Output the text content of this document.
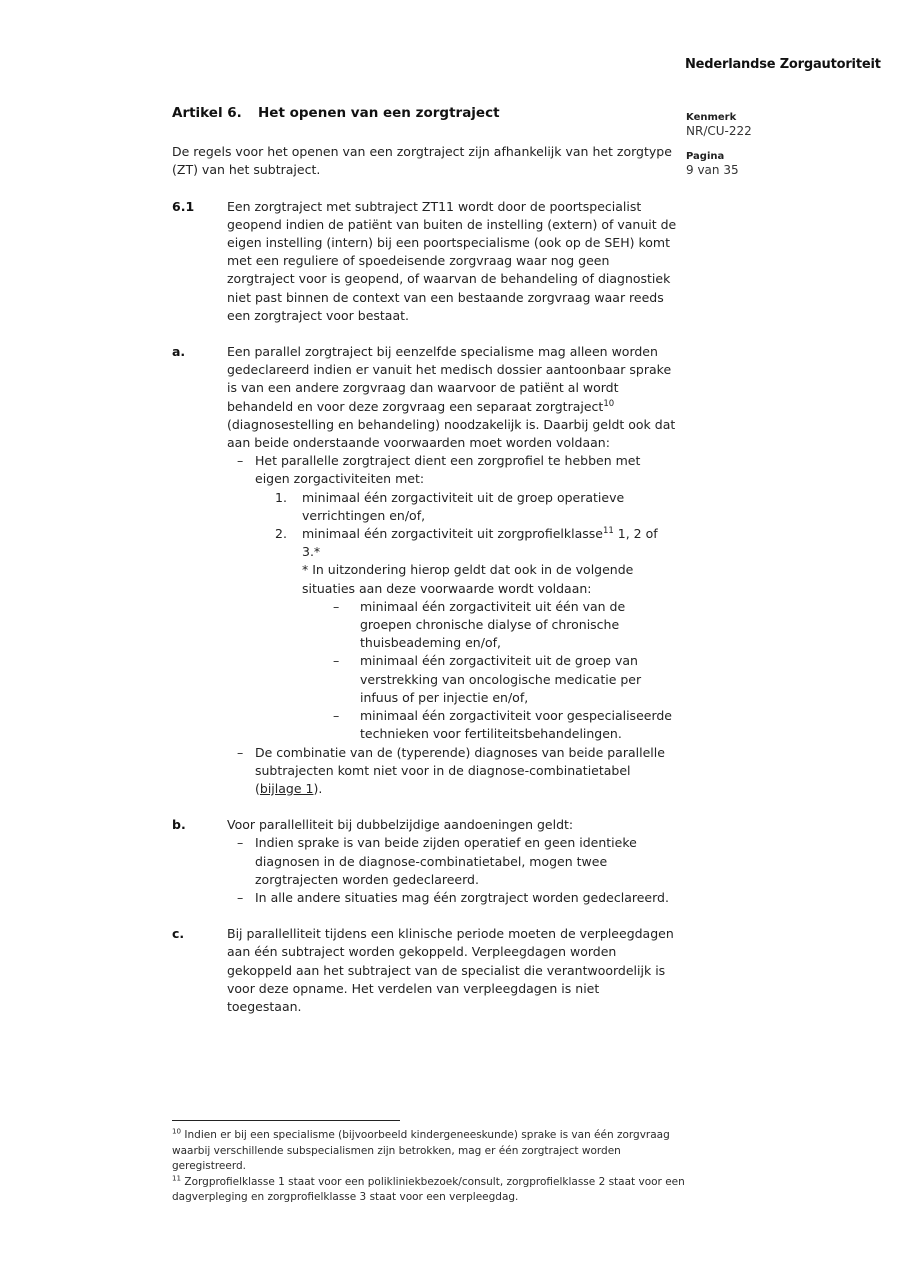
Nederlandse Zorgautoriteit
Kenmerk
NR/CU-222
Pagina
9 van 35
Artikel 6.	Het openen van een zorgtraject

De regels voor het openen van een zorgtraject zijn afhankelijk van het zorgtype (ZT) van het subtraject.

6.1	Een zorgtraject met subtraject ZT11 wordt door de poortspecialist geopend indien de patiënt van buiten de instelling (extern) of vanuit de eigen instelling (intern) bij een poortspecialisme (ook op de SEH) komt met een reguliere of spoedeisende zorgvraag waar nog geen zorgtraject voor is geopend, of waarvan de behandeling of diagnostiek niet past binnen de context van een bestaande zorgvraag waar reeds een zorgtraject voor bestaat.
a.	Een parallel zorgtraject bij eenzelfde specialisme mag alleen worden gedeclareerd indien er vanuit het medisch dossier aantoonbaar sprake is van een andere zorgvraag dan waarvoor de patiënt al wordt behandeld en voor deze zorgvraag een separaat zorgtraject$^{10}$ (diagnosestelling en behandeling) noodzakelijk is. Daarbij geldt ook dat aan beide onderstaande voorwaarden moet worden voldaan:

– Het parallelle zorgtraject dient een zorgprofiel te hebben met eigen zorgactiviteiten met:
1.	minimaal één zorgactiviteit uit de groep operatieve verrichtingen en/of,
2.	minimaal één zorgactiviteit uit zorgprofielklasse$^{11}$ 1, 2 of 3.*
* In uitzondering hierop geldt dat ook in de volgende situaties aan deze voorwaarde wordt voldaan:
–	minimaal één zorgactiviteit uit één van de groepen chronische dialyse of chronische thuisbeademing en/of,
–	minimaal één zorgactiviteit uit de groep van verstrekking van oncologische medicatie per infuus of per injectie en/of,
–	minimaal één zorgactiviteit voor gespecialiseerde technieken voor fertiliteitsbehandelingen.
– De combinatie van de (typerende) diagnoses van beide parallelle subtrajecten komt niet voor in de diagnose-combinatietabel (bijlage 1).
b.	Voor parallelliteit bij dubbelzijdige aandoeningen geldt:

– Indien sprake is van beide zijden operatief en geen identieke diagnosen in de diagnose-combinatietabel, mogen twee zorgtrajecten worden gedeclareerd.
– In alle andere situaties mag één zorgtraject worden gedeclareerd.
c.	Bij parallelliteit tijdens een klinische periode moeten de verpleegdagen aan één subtraject worden gekoppeld. Verpleegdagen worden gekoppeld aan het subtraject van de specialist die verantwoordelijk is voor deze opname. Het verdelen van verpleegdagen is niet toegestaan.

$^{10}$ Indien er bij een specialisme (bijvoorbeeld kindergeneeskunde) sprake is van één zorgvraag waarbij verschillende subspecialismen zijn betrokken, mag er één zorgtraject worden geregistreerd.

$^{11}$ Zorgprofielklasse 1 staat voor een polikliniekbezoek/consult, zorgprofielklasse 2 staat voor een dagverpleging en zorgprofielklasse 3 staat voor een verpleegdag.
